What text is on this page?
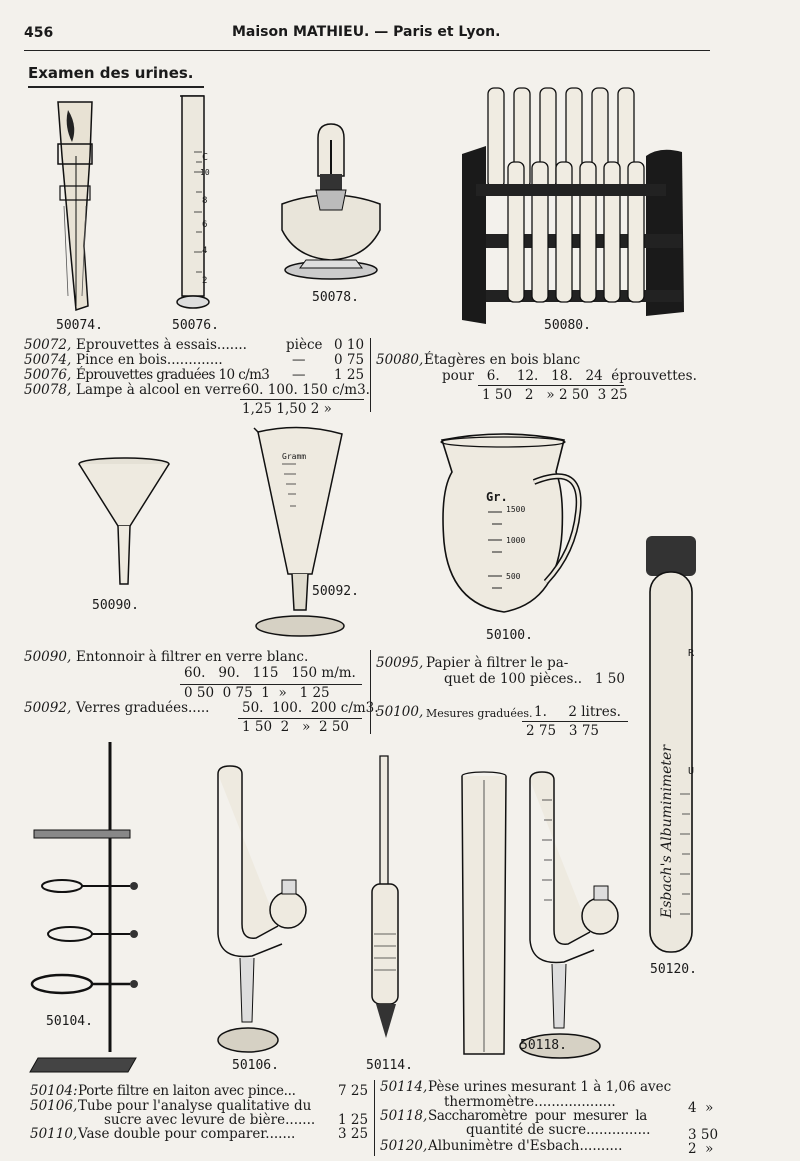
456	Maison MATHIEU. — Paris et Lyon.
Examen des urines.
50074.
C
10
8
6
4
2
50076.
50078.
50080.
50072, Eprouvettes à essais.......	pièce 0 10
50074, Pince en bois.............	— 0 75
50076, Éprouvettes graduées 10 c/m3 — 1 25
50078, Lampe à alcool en verre 60. 100. 150 c/m3.
1,25 1,50 2 »
50080, Étagères en bois blanc
pour   6.    12.   18.   24  éprouvettes.
1 50   2   » 2 50  3 25
50090.
Gramm
50092.
Gr.
1500
1000
500
50100.
Esbach's Albuminimeter
R
U
50120.
50090, Entonnoir à filtrer en verre blanc.
60.   90.   115   150 m/m.
0 50  0 75  1  »   1 25
50092, Verres graduées..... 50.  100.  200 c/m3.
1 50  2   »  2 50
50095, Papier à filtrer le pa-
quet de 100 pièces..   1 50
50100, Mesures graduées. 1.     2 litres.
2 75   3 75
50104.
50106.	50114.
50118.
50104: Porte filtre en laiton avec pince...	7 25
50106, Tube pour l'analyse qualitative du
sucre avec levure de bière....... 1 25
50110, Vase double pour comparer.......	3 25
50114, Pèse urines mesurant 1 à 1,06 avec
thermomètre...................	4  »
50118, Saccharomètre  pour  mesurer  la
quantité de sucre...............	3 50
50120, Albunimètre d'Esbach..........	2  »
